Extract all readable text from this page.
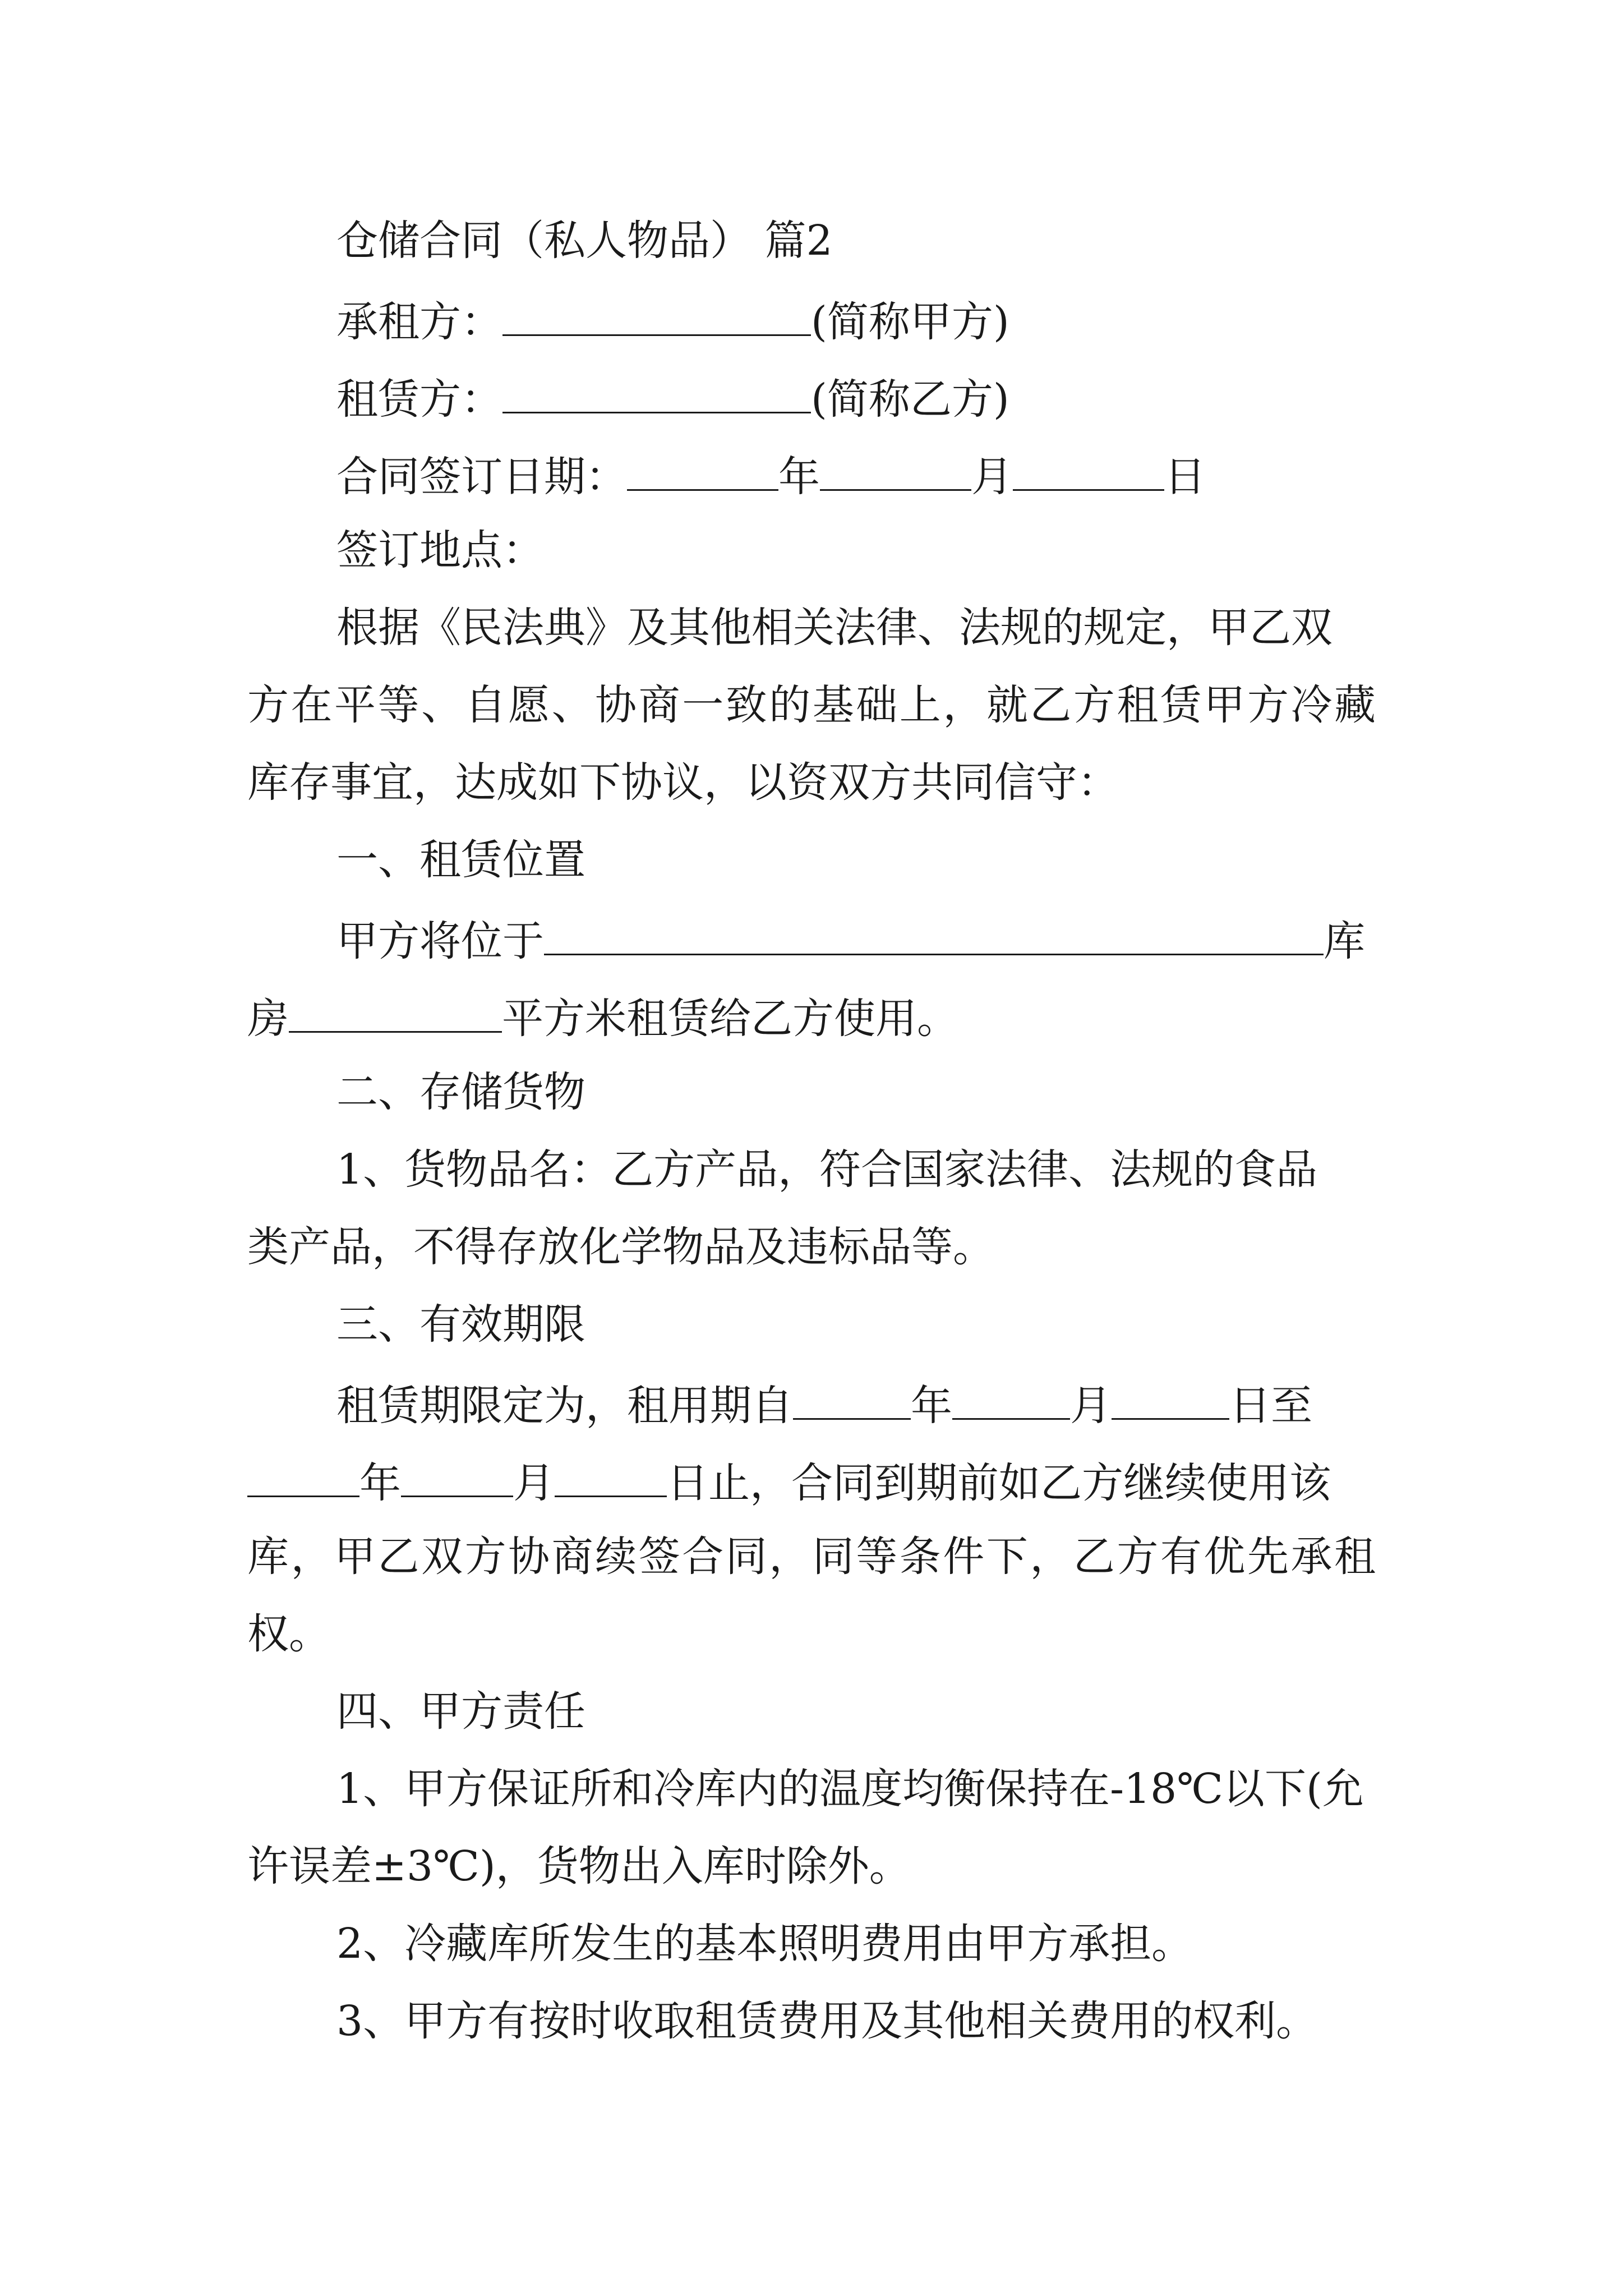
仓储合同（私人物品） 篇2
承租方：	(简称甲方)
租赁方：	(简称乙方)
合同签订日期：	年	月	日
签订地点：
根据《民法典》及其他相关法律、法规的规定，甲乙双
方在平等、自愿、协商一致的基础上，就乙方租赁甲方冷藏
库存事宜，达成如下协议，以资双方共同信守：
一、租赁位置
甲方将位于	库
房	平方米租赁给乙方使用。
二、存储货物
1、货物品名：乙方产品，符合国家法律、法规的食品
类产品，不得存放化学物品及违标品等。
三、有效期限
租赁期限定为，租用期自	年	月	日至
年	月	日止，合同到期前如乙方继续使用该
库，甲乙双方协商续签合同，同等条件下，乙方有优先承租
权。
四、甲方责任
1、甲方保证所和冷库内的温度均衡保持在-18℃以下(允
许误差±3℃)，货物出入库时除外。
2、冷藏库所发生的基本照明费用由甲方承担。
3、甲方有按时收取租赁费用及其他相关费用的权利。
